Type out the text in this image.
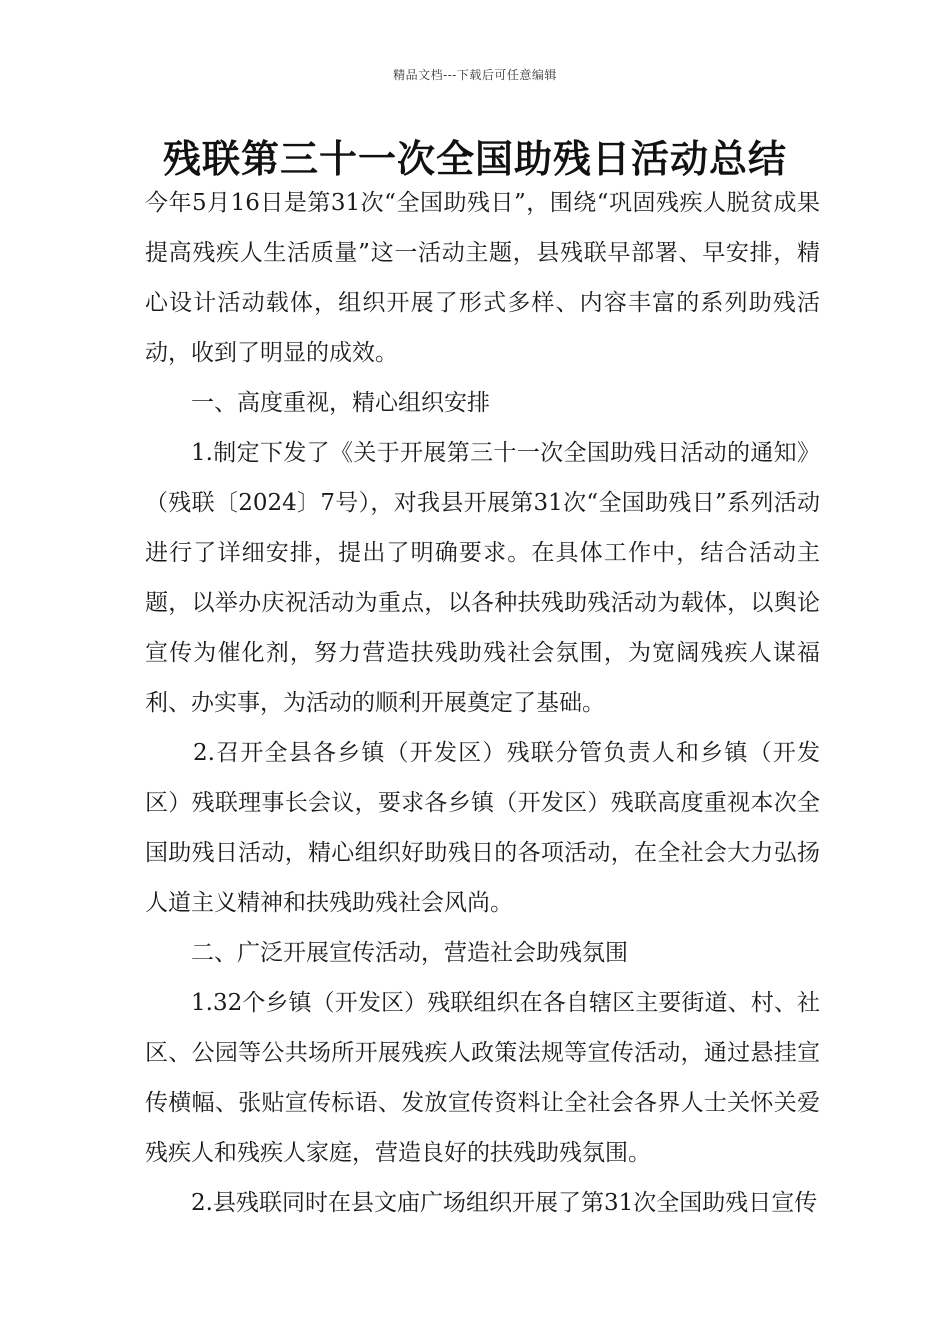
精品文档---下载后可任意编辑
残联第三十一次全国助残日活动总结

今年5月16日是第31次“全国助残日”，围绕“巩固残疾人脱贫成果提高残疾人生活质量”这一活动主题，县残联早部署、早安排，精心设计活动载体，组织开展了形式多样、内容丰富的系列助残活动，收到了明显的成效。

一、高度重视，精心组织安排

1.制定下发了《关于开展第三十一次全国助残日活动的通知》（残联〔2024〕7号），对我县开展第31次“全国助残日”系列活动进行了详细安排，提出了明确要求。在具体工作中，结合活动主题，以举办庆祝活动为重点，以各种扶残助残活动为载体，以舆论宣传为催化剂，努力营造扶残助残社会氛围，为宽阔残疾人谋福利、办实事，为活动的顺利开展奠定了基础。

2.召开全县各乡镇（开发区）残联分管负责人和乡镇（开发区）残联理事长会议，要求各乡镇（开发区）残联高度重视本次全国助残日活动，精心组织好助残日的各项活动，在全社会大力弘扬人道主义精神和扶残助残社会风尚。

二、广泛开展宣传活动，营造社会助残氛围

1.32个乡镇（开发区）残联组织在各自辖区主要街道、村、社区、公园等公共场所开展残疾人政策法规等宣传活动，通过悬挂宣传横幅、张贴宣传标语、发放宣传资料让全社会各界人士关怀关爱残疾人和残疾人家庭，营造良好的扶残助残氛围。

2.县残联同时在县文庙广场组织开展了第31次全国助残日宣传
